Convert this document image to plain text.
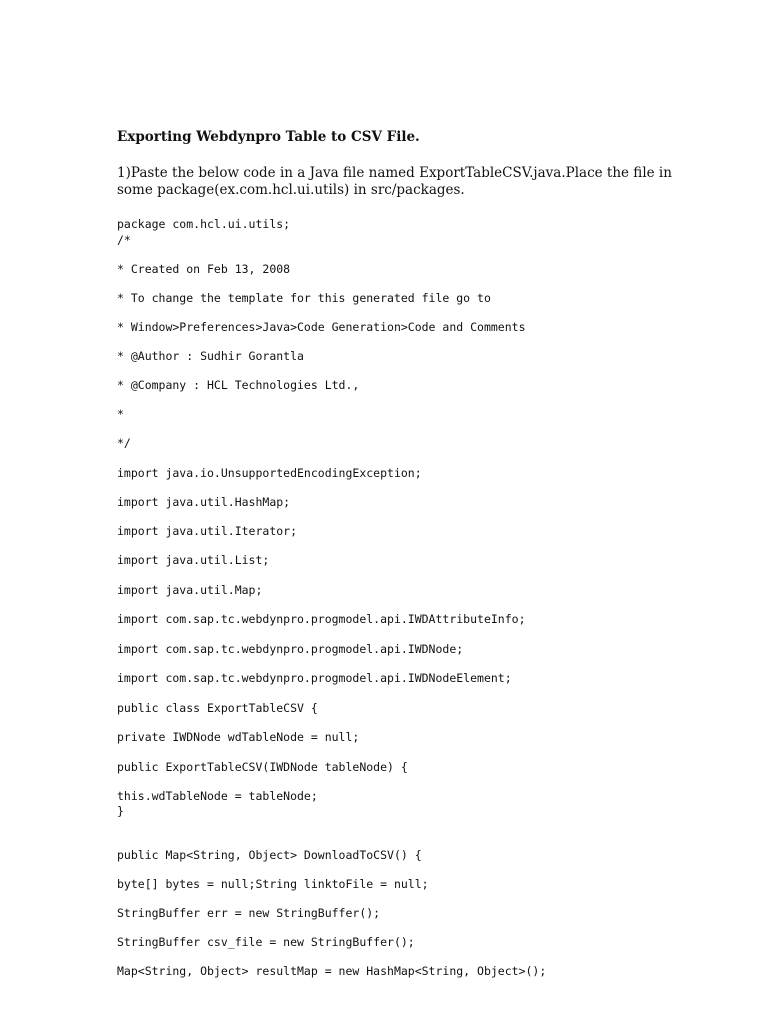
Exporting Webdynpro Table to CSV File.
1)Paste the below code in a Java file named ExportTableCSV.java.Place the file in
some package(ex.com.hcl.ui.utils) in src/packages.
package com.hcl.ui.utils;
/*
* Created on Feb 13, 2008
* To change the template for this generated file go to
* Window>Preferences>Java>Code Generation>Code and Comments
* @Author : Sudhir Gorantla
* @Company : HCL Technologies Ltd.,
*
*/
import java.io.UnsupportedEncodingException;
import java.util.HashMap;
import java.util.Iterator;
import java.util.List;
import java.util.Map;
import com.sap.tc.webdynpro.progmodel.api.IWDAttributeInfo;
import com.sap.tc.webdynpro.progmodel.api.IWDNode;
import com.sap.tc.webdynpro.progmodel.api.IWDNodeElement;
public class ExportTableCSV {
private IWDNode wdTableNode = null;
public ExportTableCSV(IWDNode tableNode) {
this.wdTableNode = tableNode;
}
public Map<String, Object> DownloadToCSV() {
byte[] bytes = null;String linktoFile = null;
StringBuffer err = new StringBuffer();
StringBuffer csv_file = new StringBuffer();
Map<String, Object> resultMap = new HashMap<String, Object>();
